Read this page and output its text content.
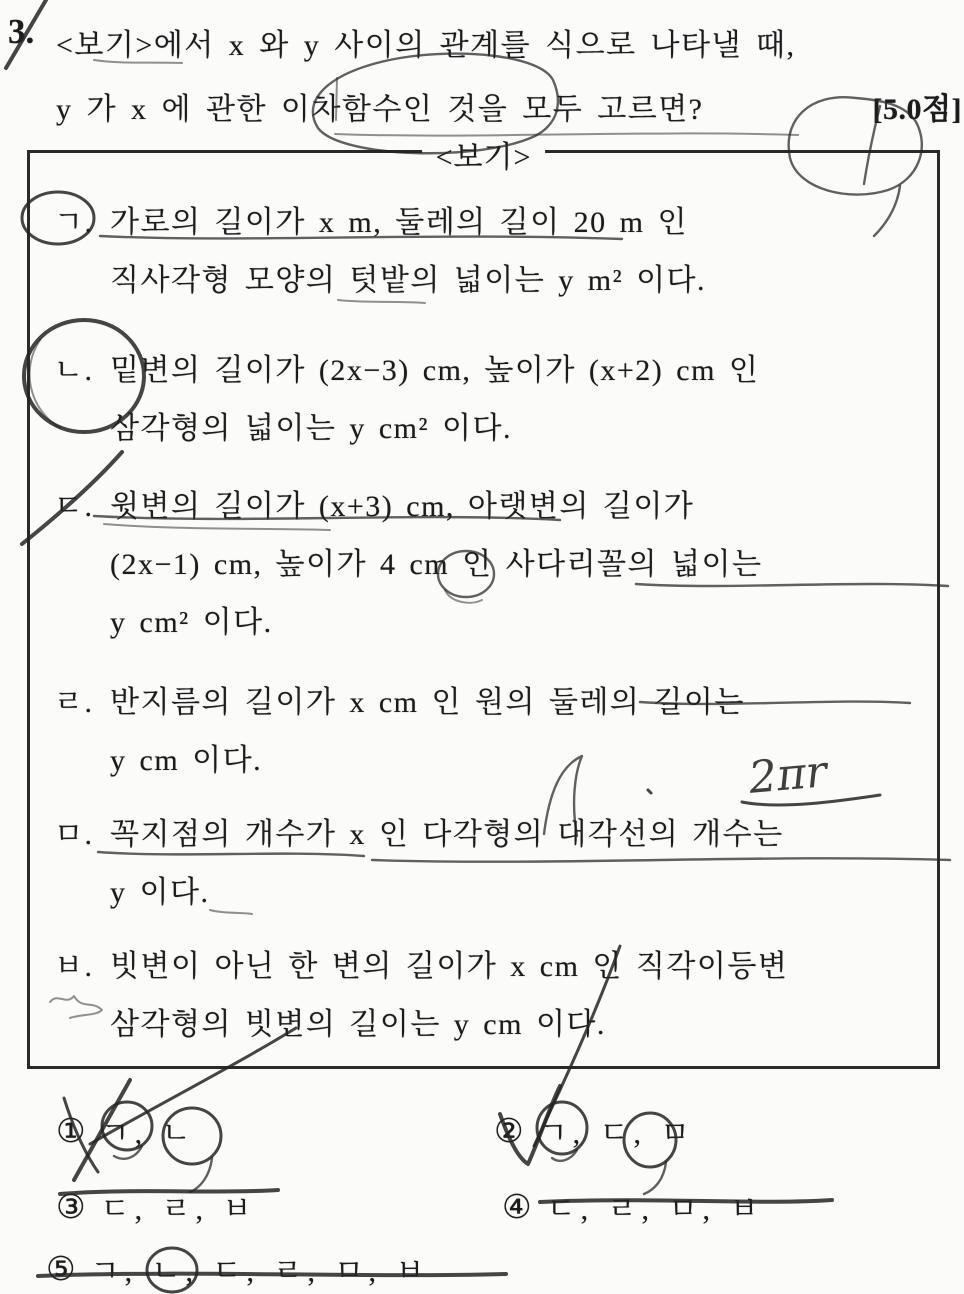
3. <보기>에서 x 와 y 사이의 관계를 식으로 나타낼 때,
y 가 x 에 관한 이차함수인 것을 모두 고르면?	[5.0점]
<보기>
ㄱ. 가로의 길이가 x m, 둘레의 길이 20 m 인
직사각형 모양의 텃밭의 넓이는 y m² 이다.
ㄴ. 밑변의 길이가 (2x−3) cm, 높이가 (x+2) cm 인
삼각형의 넓이는 y cm² 이다.
ㄷ. 윗변의 길이가 (x+3) cm, 아랫변의 길이가
(2x−1) cm, 높이가 4 cm 인 사다리꼴의 넓이는
y cm² 이다.
ㄹ. 반지름의 길이가 x cm 인 원의 둘레의 길이는
y cm 이다.
ㅁ. 꼭지점의 개수가 x 인 다각형의 대각선의 개수는
y 이다.
ㅂ. 빗변이 아닌 한 변의 길이가 x cm 인 직각이등변
삼각형의 빗변의 길이는 y cm 이다.
① ㄱ, ㄴ	② ㄱ, ㄷ, ㅁ
③ ㄷ, ㄹ, ㅂ	④ ㄷ, ㄹ, ㅁ, ㅂ
⑤ ㄱ, ㄴ, ㄷ, ㄹ, ㅁ, ㅂ
2πr
